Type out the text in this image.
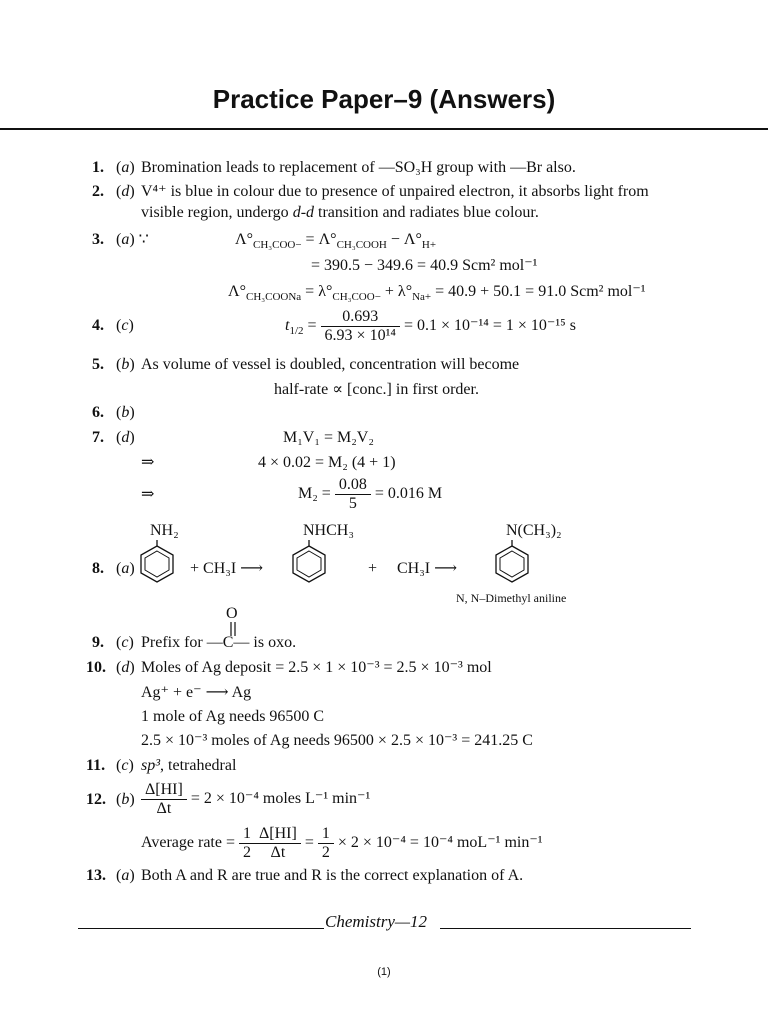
Practice Paper–9 (Answers)
1. (a) Bromination leads to replacement of —SO₃H group with —Br also.
2. (d) V⁴⁺ is blue in colour due to presence of unpaired electron, it absorbs light from
visible region, undergo d-d transition and radiates blue colour.
3. (a) ∵	$\Lambda^\circ_{CH_3COO-} = \Lambda^\circ_{CH_3COOH} - \Lambda^\circ_{H+}$
= 390.5 − 349.6 = 40.9 Scm² mol⁻¹
$\Lambda^\circ_{CH_3COONa} = \lambda^\circ_{CH_3COO-} + \lambda^\circ_{Na+} = 40.9 + 50.1 = 91.0$ Scm² mol⁻¹
4. (c)	$t_{1/2} = \frac{0.693}{\text{6.93 × 10¹⁴}} = 0.1 \times 10^{-14} = 1 \times 10^{-15}$ s
5. (b) As volume of vessel is doubled, concentration will become
half-rate ∝ [conc.] in first order.
6. (b)
7. (d)	M₁V₁ = M₂V₂
⇒	4 × 0.02 = M₂ (4 + 1)
⇒	$M_2 = \frac{0.08}{5} = 0.016$ M
8. (a)
NH₂
+ CH₃I ⟶
NHCH₃
+ CH₃I ⟶
N(CH₃)₂
N, N–Dimethyl aniline
O
9. (c) Prefix for —C— is oxo.
10. (d) Moles of Ag deposit = 2.5 × 1 × 10⁻³ = 2.5 × 10⁻³ mol
Ag⁺ + e⁻ ⟶ Ag
1 mole of Ag needs 96500 C
2.5 × 10⁻³ moles of Ag needs 96500 × 2.5 × 10⁻³ = 241.25 C
11. (c) sp³, tetrahedral
12. $(b) \frac{\Delta[HI]}{\Delta t} = 2 \times 10^{-4}$ moles L⁻¹ min⁻¹
Average rate = $\frac{1}{2} \frac{\Delta[HI]}{\Delta t} = \frac{1}{2} \times 2 \times 10^{-4} = 10^{-4}$ moL⁻¹ min⁻¹
13. (a) Both A and R are true and R is the correct explanation of A.
Chemistry—12
(1)
